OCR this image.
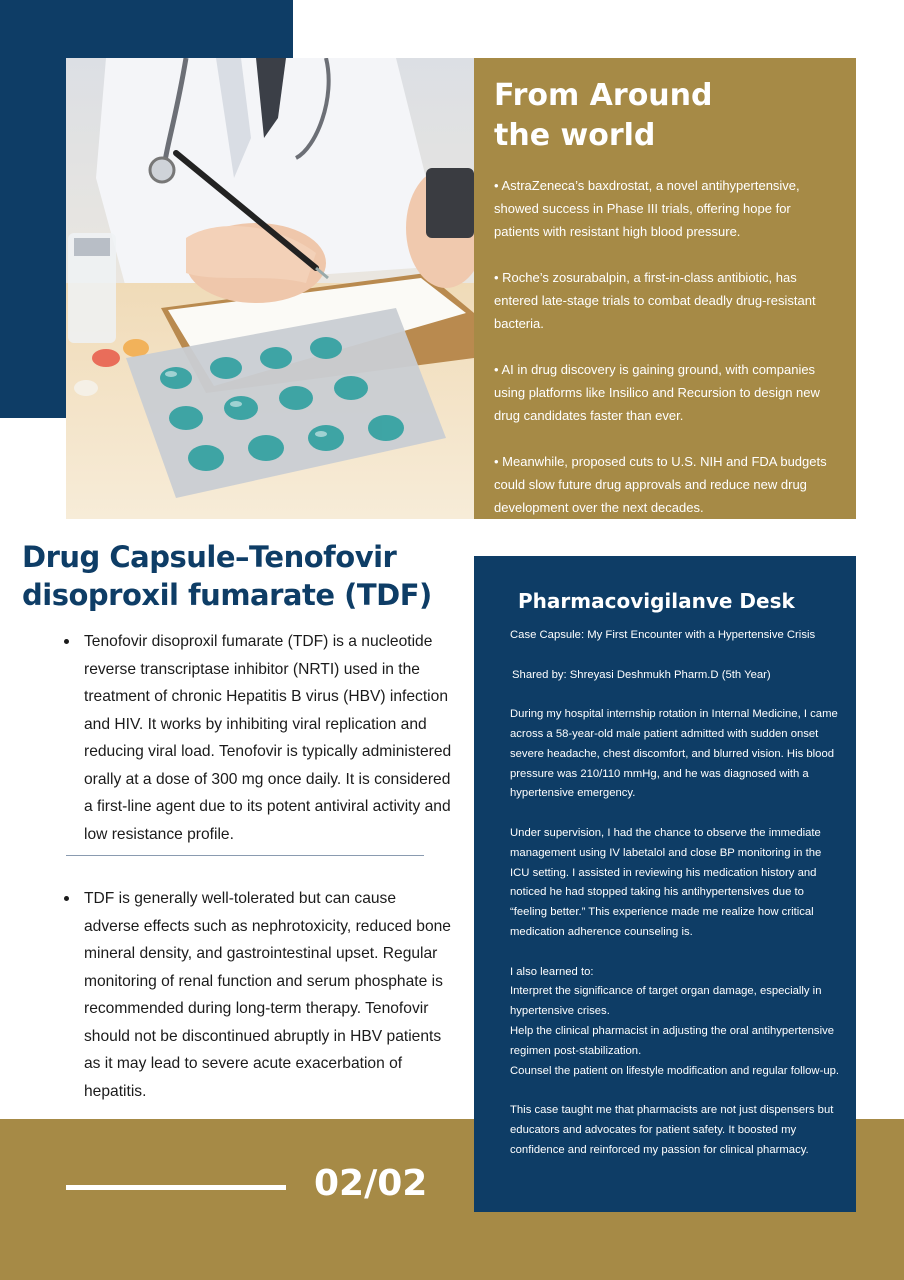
From Around
the world

• AstraZeneca’s baxdrostat, a novel antihypertensive, showed success in Phase III trials, offering hope for patients with resistant high blood pressure.

• Roche’s zosurabalpin, a first-in-class antibiotic, has entered late-stage trials to combat deadly drug-resistant bacteria.

• AI in drug discovery is gaining ground, with companies using platforms like Insilico and Recursion to design new drug candidates faster than ever.

• Meanwhile, proposed cuts to U.S. NIH and FDA budgets could slow future drug approvals and reduce new drug development over the next decades.

Drug Capsule–Tenofovir
disoproxil fumarate (TDF)
Tenofovir disoproxil fumarate (TDF) is a nucleotide reverse transcriptase inhibitor (NRTI) used in the treatment of chronic Hepatitis B virus (HBV) infection and HIV. It works by inhibiting viral replication and reducing viral load. Tenofovir is typically administered orally at a dose of 300 mg once daily. It is considered a first-line agent due to its potent antiviral activity and low resistance profile.
TDF is generally well-tolerated but can cause adverse effects such as nephrotoxicity, reduced bone mineral density, and gastrointestinal upset. Regular monitoring of renal function and serum phosphate is recommended during long-term therapy. Tenofovir should not be discontinued abruptly in HBV patients as it may lead to severe acute exacerbation of hepatitis.

02/02

Pharmacovigilanve Desk

Case Capsule: My First Encounter with a Hypertensive Crisis

Shared by: Shreyasi Deshmukh Pharm.D (5th Year)

During my hospital internship rotation in Internal Medicine, I came across a 58-year-old male patient admitted with sudden onset severe headache, chest discomfort, and blurred vision. His blood pressure was 210/110 mmHg, and he was diagnosed with a hypertensive emergency.

Under supervision, I had the chance to observe the immediate management using IV labetalol and close BP monitoring in the ICU setting. I assisted in reviewing his medication history and noticed he had stopped taking his antihypertensives due to “feeling better.” This experience made me realize how critical medication adherence counseling is.

I also learned to:

Interpret the significance of target organ damage, especially in hypertensive crises.

Help the clinical pharmacist in adjusting the oral antihypertensive regimen post-stabilization.

Counsel the patient on lifestyle modification and regular follow-up.

This case taught me that pharmacists are not just dispensers but educators and advocates for patient safety. It boosted my confidence and reinforced my passion for clinical pharmacy.
